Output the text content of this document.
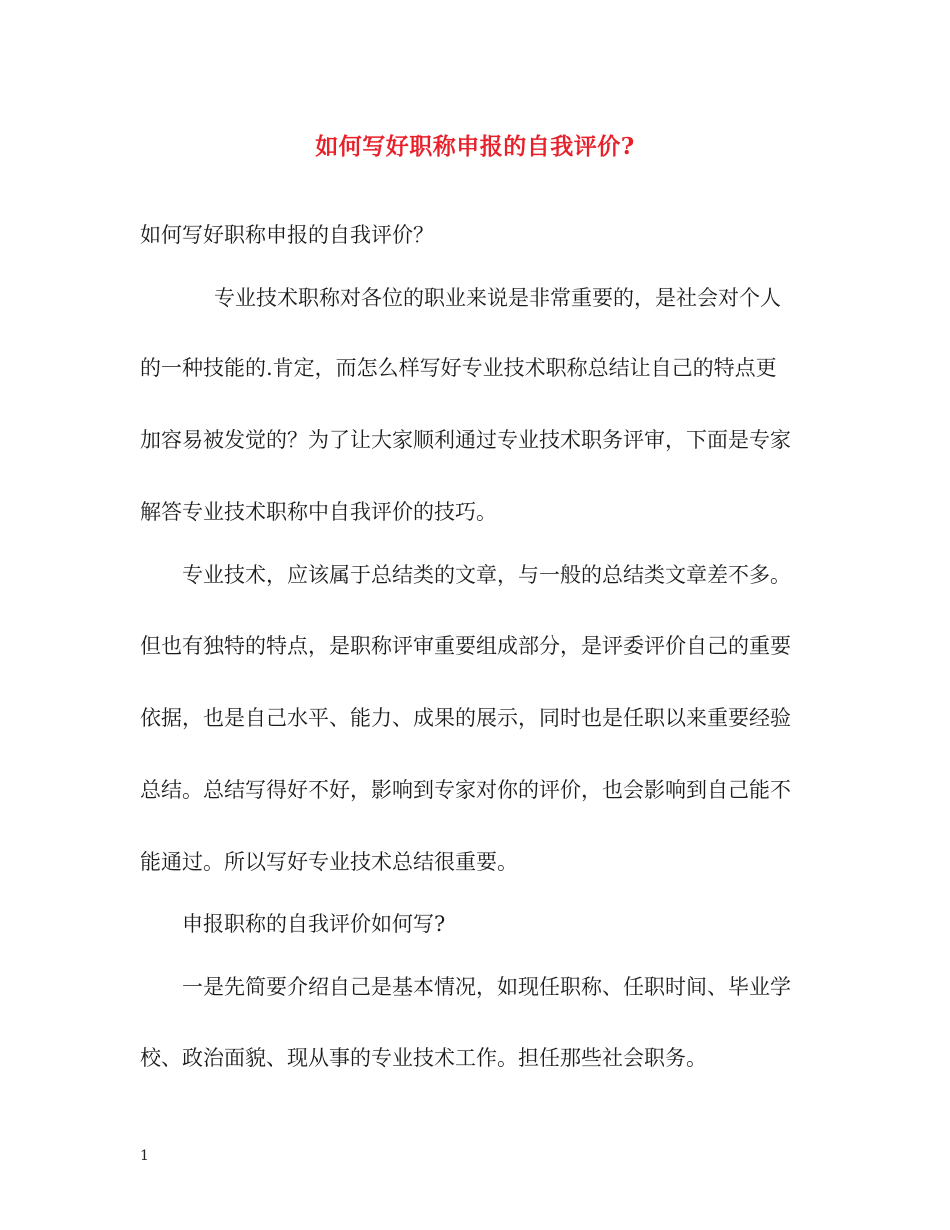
如何写好职称申报的自我评价?
如何写好职称申报的自我评价？
专业技术职称对各位的职业来说是非常重要的，是社会对个人
的一种技能的.肯定，而怎么样写好专业技术职称总结让自己的特点更
加容易被发觉的？为了让大家顺利通过专业技术职务评审，下面是专家
解答专业技术职称中自我评价的技巧。
专业技术，应该属于总结类的文章，与一般的总结类文章差不多。
但也有独特的特点，是职称评审重要组成部分，是评委评价自己的重要
依据，也是自己水平、能力、成果的展示，同时也是任职以来重要经验
总结。总结写得好不好，影响到专家对你的评价，也会影响到自己能不
能通过。所以写好专业技术总结很重要。
申报职称的自我评价如何写?
一是先简要介绍自己是基本情况，如现任职称、任职时间、毕业学
校、政治面貌、现从事的专业技术工作。担任那些社会职务。
1
